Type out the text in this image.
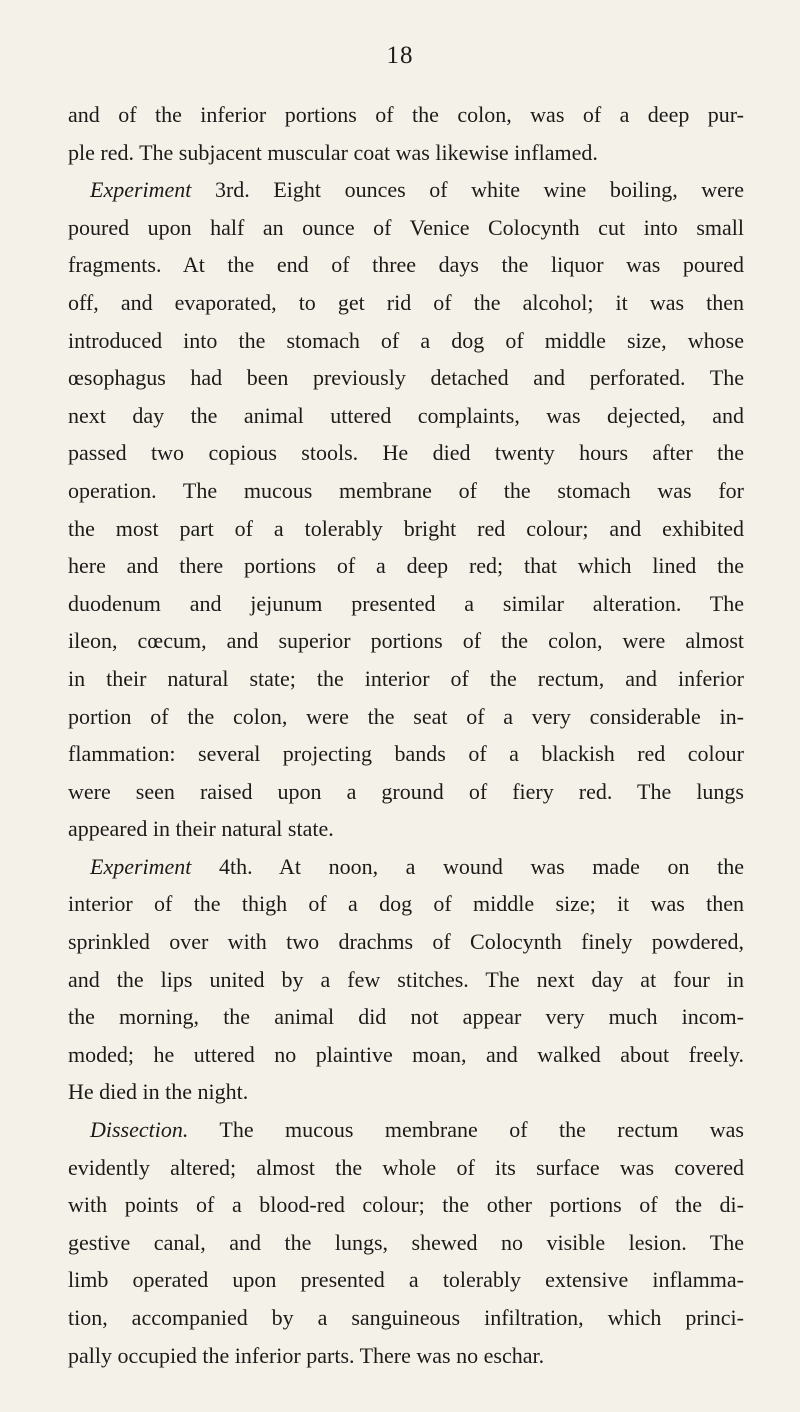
18
and of the inferior portions of the colon, was of a deep pur-
ple red. The subjacent muscular coat was likewise inflamed.
Experiment 3rd. Eight ounces of white wine boiling, were
poured upon half an ounce of Venice Colocynth cut into small
fragments. At the end of three days the liquor was poured
off, and evaporated, to get rid of the alcohol; it was then
introduced into the stomach of a dog of middle size, whose
œsophagus had been previously detached and perforated. The
next day the animal uttered complaints, was dejected, and
passed two copious stools. He died twenty hours after the
operation. The mucous membrane of the stomach was for
the most part of a tolerably bright red colour; and exhibited
here and there portions of a deep red; that which lined the
duodenum and jejunum presented a similar alteration. The
ileon, cœcum, and superior portions of the colon, were almost
in their natural state; the interior of the rectum, and inferior
portion of the colon, were the seat of a very considerable in-
flammation: several projecting bands of a blackish red colour
were seen raised upon a ground of fiery red. The lungs
appeared in their natural state.
Experiment 4th. At noon, a wound was made on the
interior of the thigh of a dog of middle size; it was then
sprinkled over with two drachms of Colocynth finely powdered,
and the lips united by a few stitches. The next day at four in
the morning, the animal did not appear very much incom-
moded; he uttered no plaintive moan, and walked about freely.
He died in the night.
Dissection. The mucous membrane of the rectum was
evidently altered; almost the whole of its surface was covered
with points of a blood-red colour; the other portions of the di-
gestive canal, and the lungs, shewed no visible lesion. The
limb operated upon presented a tolerably extensive inflamma-
tion, accompanied by a sanguineous infiltration, which princi-
pally occupied the inferior parts. There was no eschar.
